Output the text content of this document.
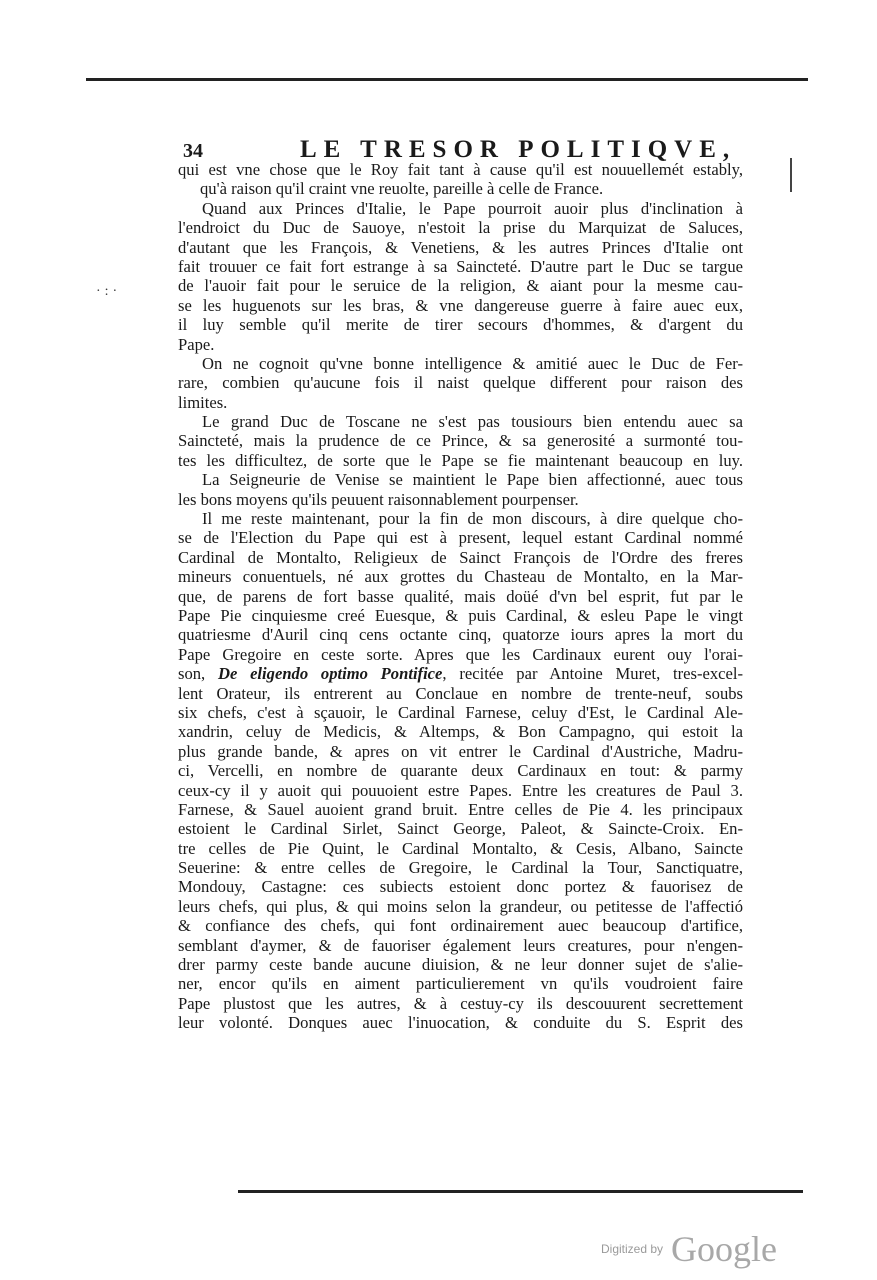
·:·
34	LE TRESOR POLITIQVE,
qui est vne chose que le Roy fait tant à cause qu'il est nouuellemét estably,
qu'à raison qu'il craint vne reuolte, pareille à celle de France.
Quand aux Princes d'Italie, le Pape pourroit auoir plus d'inclination à
l'endroict du Duc de Sauoye, n'estoit la prise du Marquizat de Saluces,
d'autant que les François, & Venetiens, & les autres Princes d'Italie ont
fait trouuer ce fait fort estrange à sa Saincteté. D'autre part le Duc se targue
de l'auoir fait pour le seruice de la religion, & aiant pour la mesme cau-
se les huguenots sur les bras, & vne dangereuse guerre à faire auec eux,
il luy semble qu'il merite de tirer secours d'hommes, & d'argent du
Pape.
On ne cognoit qu'vne bonne intelligence & amitié auec le Duc de Fer-
rare, combien qu'aucune fois il naist quelque different pour raison des
limites.
Le grand Duc de Toscane ne s'est pas tousiours bien entendu auec sa
Saincteté, mais la prudence de ce Prince, & sa generosité a surmonté tou-
tes les difficultez, de sorte que le Pape se fie maintenant beaucoup en luy.
La Seigneurie de Venise se maintient le Pape bien affectionné, auec tous
les bons moyens qu'ils peuuent raisonnablement pourpenser.
Il me reste maintenant, pour la fin de mon discours, à dire quelque cho-
se de l'Election du Pape qui est à present, lequel estant Cardinal nommé
Cardinal de Montalto, Religieux de Sainct François de l'Ordre des freres
mineurs conuentuels, né aux grottes du Chasteau de Montalto, en la Mar-
que, de parens de fort basse qualité, mais doüé d'vn bel esprit, fut par le
Pape Pie cinquiesme creé Euesque, & puis Cardinal, & esleu Pape le vingt
quatriesme d'Auril cinq cens octante cinq, quatorze iours apres la mort du
Pape Gregoire en ceste sorte. Apres que les Cardinaux eurent ouy l'orai-
son, De eligendo optimo Pontifice, recitée par Antoine Muret, tres-excel-
lent Orateur, ils entrerent au Conclaue en nombre de trente-neuf, soubs
six chefs, c'est à sçauoir, le Cardinal Farnese, celuy d'Est, le Cardinal Ale-
xandrin, celuy de Medicis, & Altemps, & Bon Campagno, qui estoit la
plus grande bande, & apres on vit entrer le Cardinal d'Austriche, Madru-
ci, Vercelli, en nombre de quarante deux Cardinaux en tout: & parmy
ceux-cy il y auoit qui pouuoient estre Papes. Entre les creatures de Paul 3.
Farnese, & Sauel auoient grand bruit. Entre celles de Pie 4. les principaux
estoient le Cardinal Sirlet, Sainct George, Paleot, & Saincte-Croix. En-
tre celles de Pie Quint, le Cardinal Montalto, & Cesis, Albano, Saincte
Seuerine: & entre celles de Gregoire, le Cardinal la Tour, Sanctiquatre,
Mondouy, Castagne: ces subiects estoient donc portez & fauorisez de
leurs chefs, qui plus, & qui moins selon la grandeur, ou petitesse de l'affectió
& confiance des chefs, qui font ordinairement auec beaucoup d'artifice,
semblant d'aymer, & de fauoriser également leurs creatures, pour n'engen-
drer parmy ceste bande aucune diuision, & ne leur donner sujet de s'alie-
ner, encor qu'ils en aiment particulierement vn qu'ils voudroient faire
Pape plustost que les autres, & à cestuy-cy ils descouurent secrettement
leur volonté. Donques auec l'inuocation, & conduite du S. Esprit des
Digitized by Google
